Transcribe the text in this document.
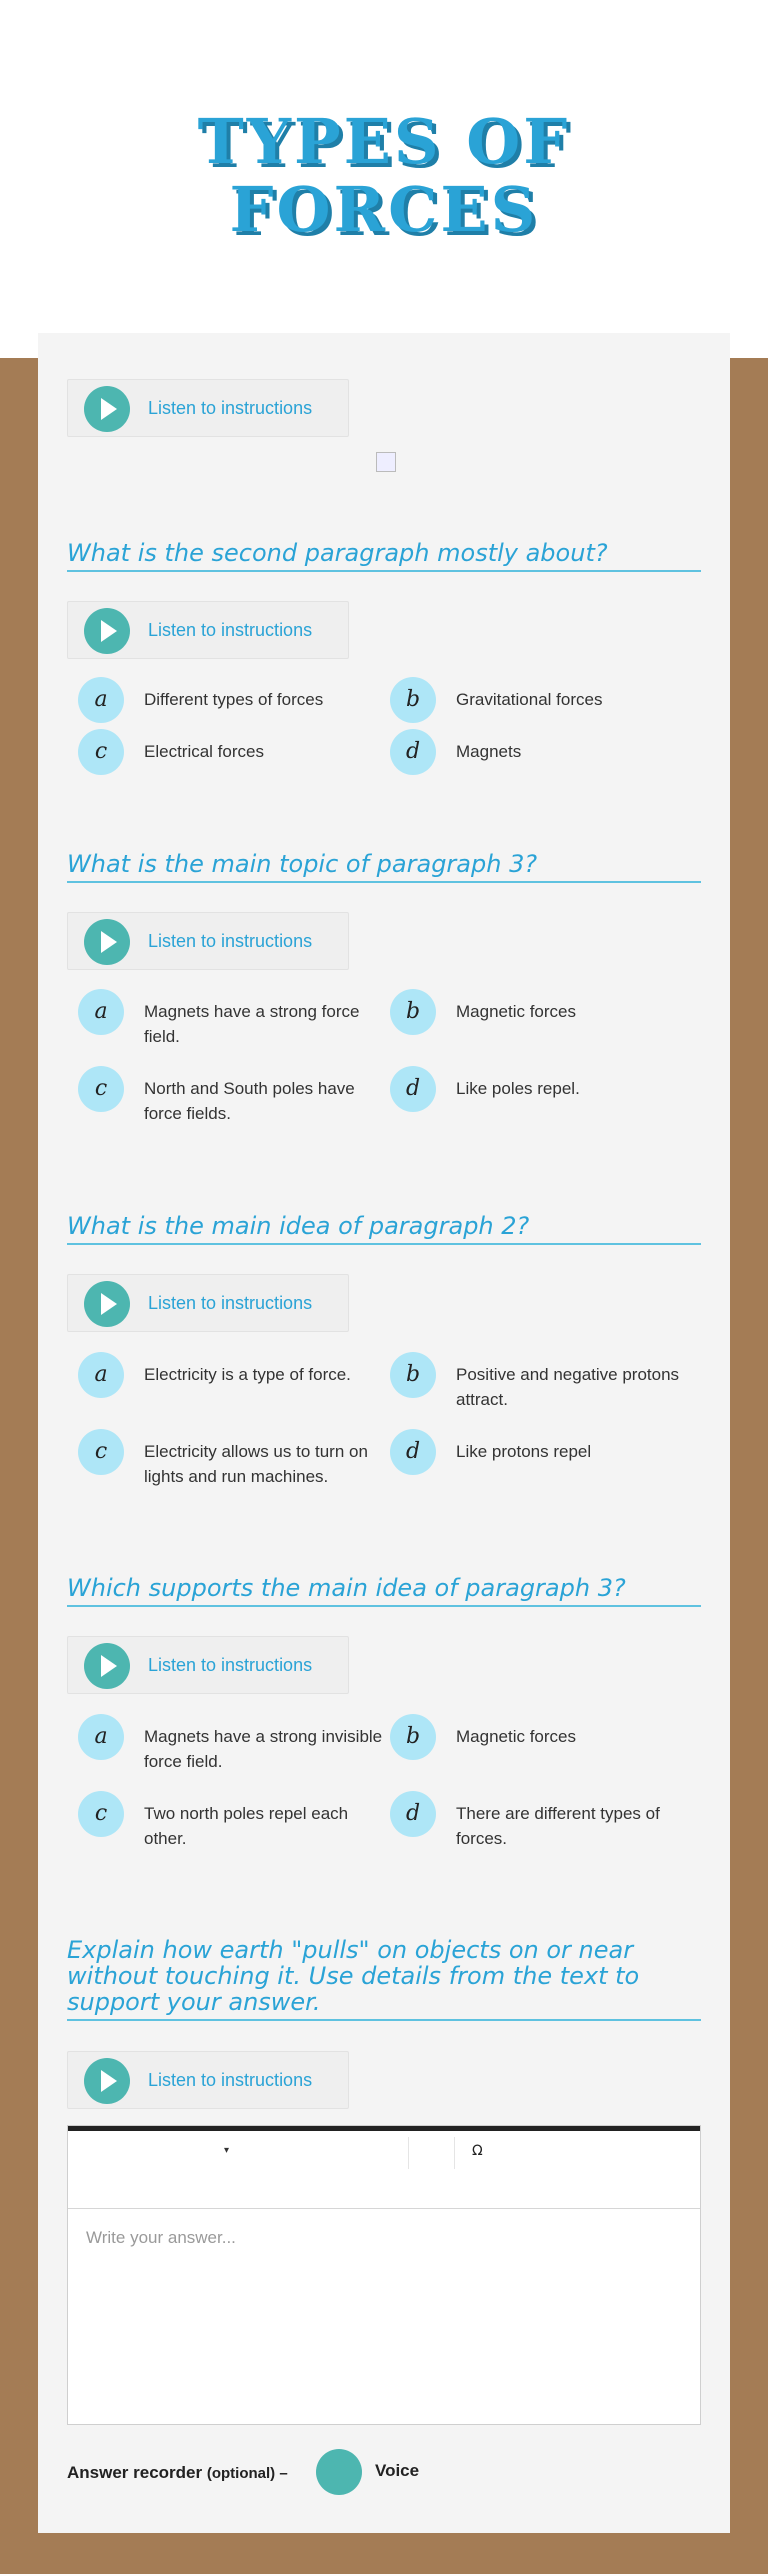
TYPES OF
FORCES
Listen to instructions
What is the second paragraph mostly about?
Listen to instructions
a	Different types of forces	b	Gravitational forces
c	Electrical forces	d	Magnets
What is the main topic of paragraph 3?
Listen to instructions
a	Magnets have a strong force field.
b	Magnetic forces
c	North and South poles have force fields.
d	Like poles repel.
What is the main idea of paragraph 2?
Listen to instructions
a	Electricity is a type of force.	b	Positive and negative protons attract.
c	Electricity allows us to turn on lights and run machines.
d	Like protons repel
Which supports the main idea of paragraph 3?
Listen to instructions
a	Magnets have a strong invisible force field.
b	Magnetic forces
c	Two north poles repel each other.
d	There are different types of forces.
Explain how earth "pulls" on objects on or near without touching it. Use details from the text to support your answer.
Listen to instructions
▾	Ω
Write your answer...
Answer recorder (optional) –	Voice
